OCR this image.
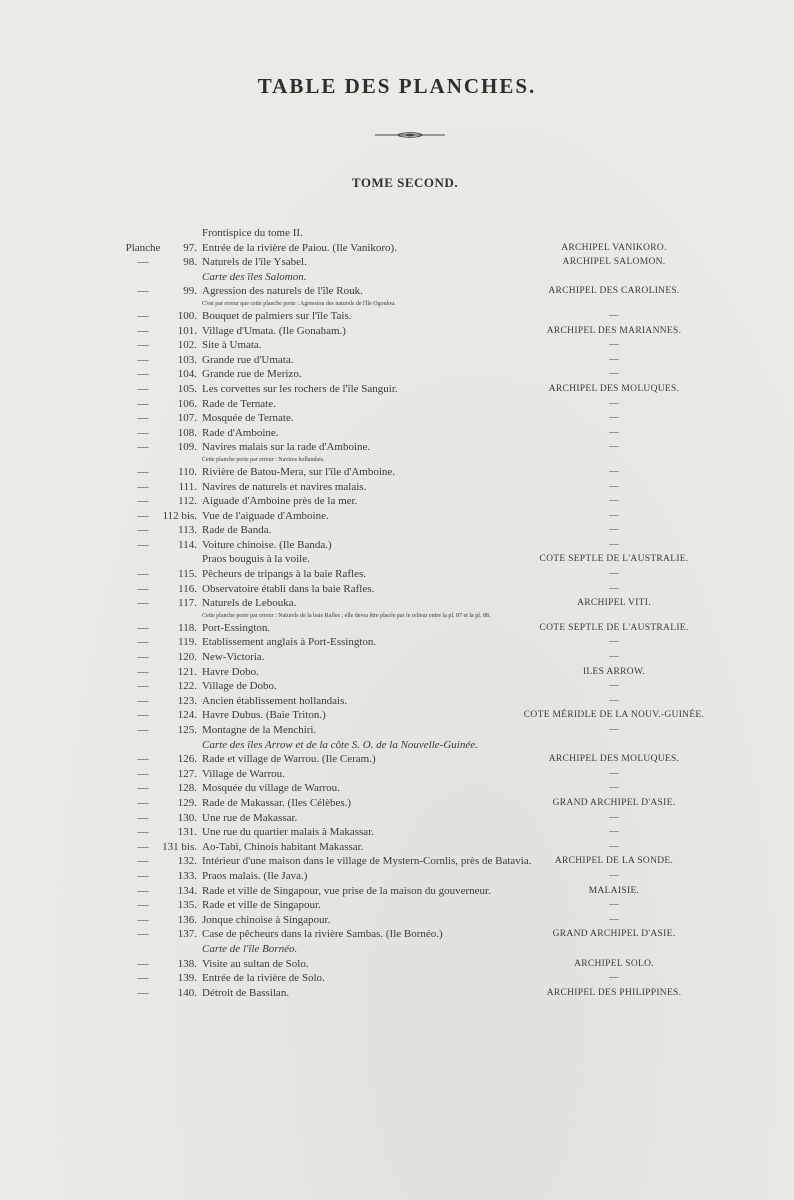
TABLE DES PLANCHES.
TOME SECOND.
Frontispice du tome II.
Planche	97. Entrée de la rivière de Paiou. (Ile Vanikoro).	ARCHIPEL VANIKORO.
—	98. Naturels de l'île Ysabel.	ARCHIPEL SALOMON.
Carte des îles Salomon.
—	99. Agression des naturels de l'île Rouk.	ARCHIPEL DES CAROLINES.
C'est par erreur que cette planche porte : Agression des naturels de l'île Ogoulou.
—	100. Bouquet de palmiers sur l'île Tais.	—
—	101. Village d'Umata. (Ile Gonaham.)	ARCHIPEL DES MARIANNES.
—	102. Site à Umata.	—
—	103. Grande rue d'Umata.	—
—	104. Grande rue de Merizo.	—
—	105. Les corvettes sur les rochers de l'île Sanguir.	ARCHIPEL DES MOLUQUES.
—	106. Rade de Ternate.	—
—	107. Mosquée de Ternate.	—
—	108. Rade d'Amboine.	—
—	109. Navires malais sur la rade d'Amboine.	—
Cette planche porte par erreur : Navires hollandais.
—	110. Rivière de Batou-Mera, sur l'île d'Amboine.	—
—	111. Navires de naturels et navires malais.	—
—	112. Aiguade d'Amboine près de la mer.	—
—	112 bis. Vue de l'aiguade d'Amboine.	—
—	113. Rade de Banda.	—
—	114. Voiture chinoise. (Ile Banda.)	—
Praos bouguis à la voile.	COTE SEPTLE DE L'AUSTRALIE.
—	115. Pêcheurs de tripangs à la baie Rafles.	—
—	116. Observatoire établi dans la baie Rafles.	—
—	117. Naturels de Lebouka.	ARCHIPEL VITI.
Cette planche porte par erreur : Naturels de la baie Rafles ; elle devra être placée par le relieur entre la pl. 87 et la pl. 88.
—	118. Port-Essington.	COTE SEPTLE DE L'AUSTRALIE.
—	119. Etablissement anglais à Port-Essington.	—
—	120. New-Victoria.	—
—	121. Havre Dobo.	ILES ARROW.
—	122. Village de Dobo.	—
—	123. Ancien établissement hollandais.	—
—	124. Havre Dubus. (Baie Triton.)	COTE MÉRIDLE DE LA NOUV.-GUINÉE.
—	125. Montagne de la Menchiri.	—
Carte des îles Arrow et de la côte S. O. de la Nouvelle-Guinée.
—	126. Rade et village de Warrou. (Ile Ceram.)	ARCHIPEL DES MOLUQUES.
—	127. Village de Warrou.	—
—	128. Mosquée du village de Warrou.	—
—	129. Rade de Makassar. (Iles Célèbes.)	GRAND ARCHIPEL D'ASIE.
—	130. Une rue de Makassar.	—
—	131. Une rue du quartier malais à Makassar.	—
—	131 bis. Ao-Tabi, Chinois habitant Makassar.	—
—	132. Intérieur d'une maison dans le village de Mystern-Cornlis, près de Batavia. ARCHIPEL DE LA SONDE.
—	133. Praos malais. (Ile Java.)	—
—	134. Rade et ville de Singapour, vue prise de la maison du gouverneur.	MALAISIE.
—	135. Rade et ville de Singapour.	—
—	136. Jonque chinoise à Singapour.	—
—	137. Case de pêcheurs dans la rivière Sambas. (Ile Bornéo.)	GRAND ARCHIPEL D'ASIE.
Carte de l'île Bornéo.
—	138. Visite au sultan de Solo.	ARCHIPEL SOLO.
—	139. Entrée de la rivière de Solo.	—
—	140. Détroit de Bassilan.	ARCHIPEL DES PHILIPPINES.
